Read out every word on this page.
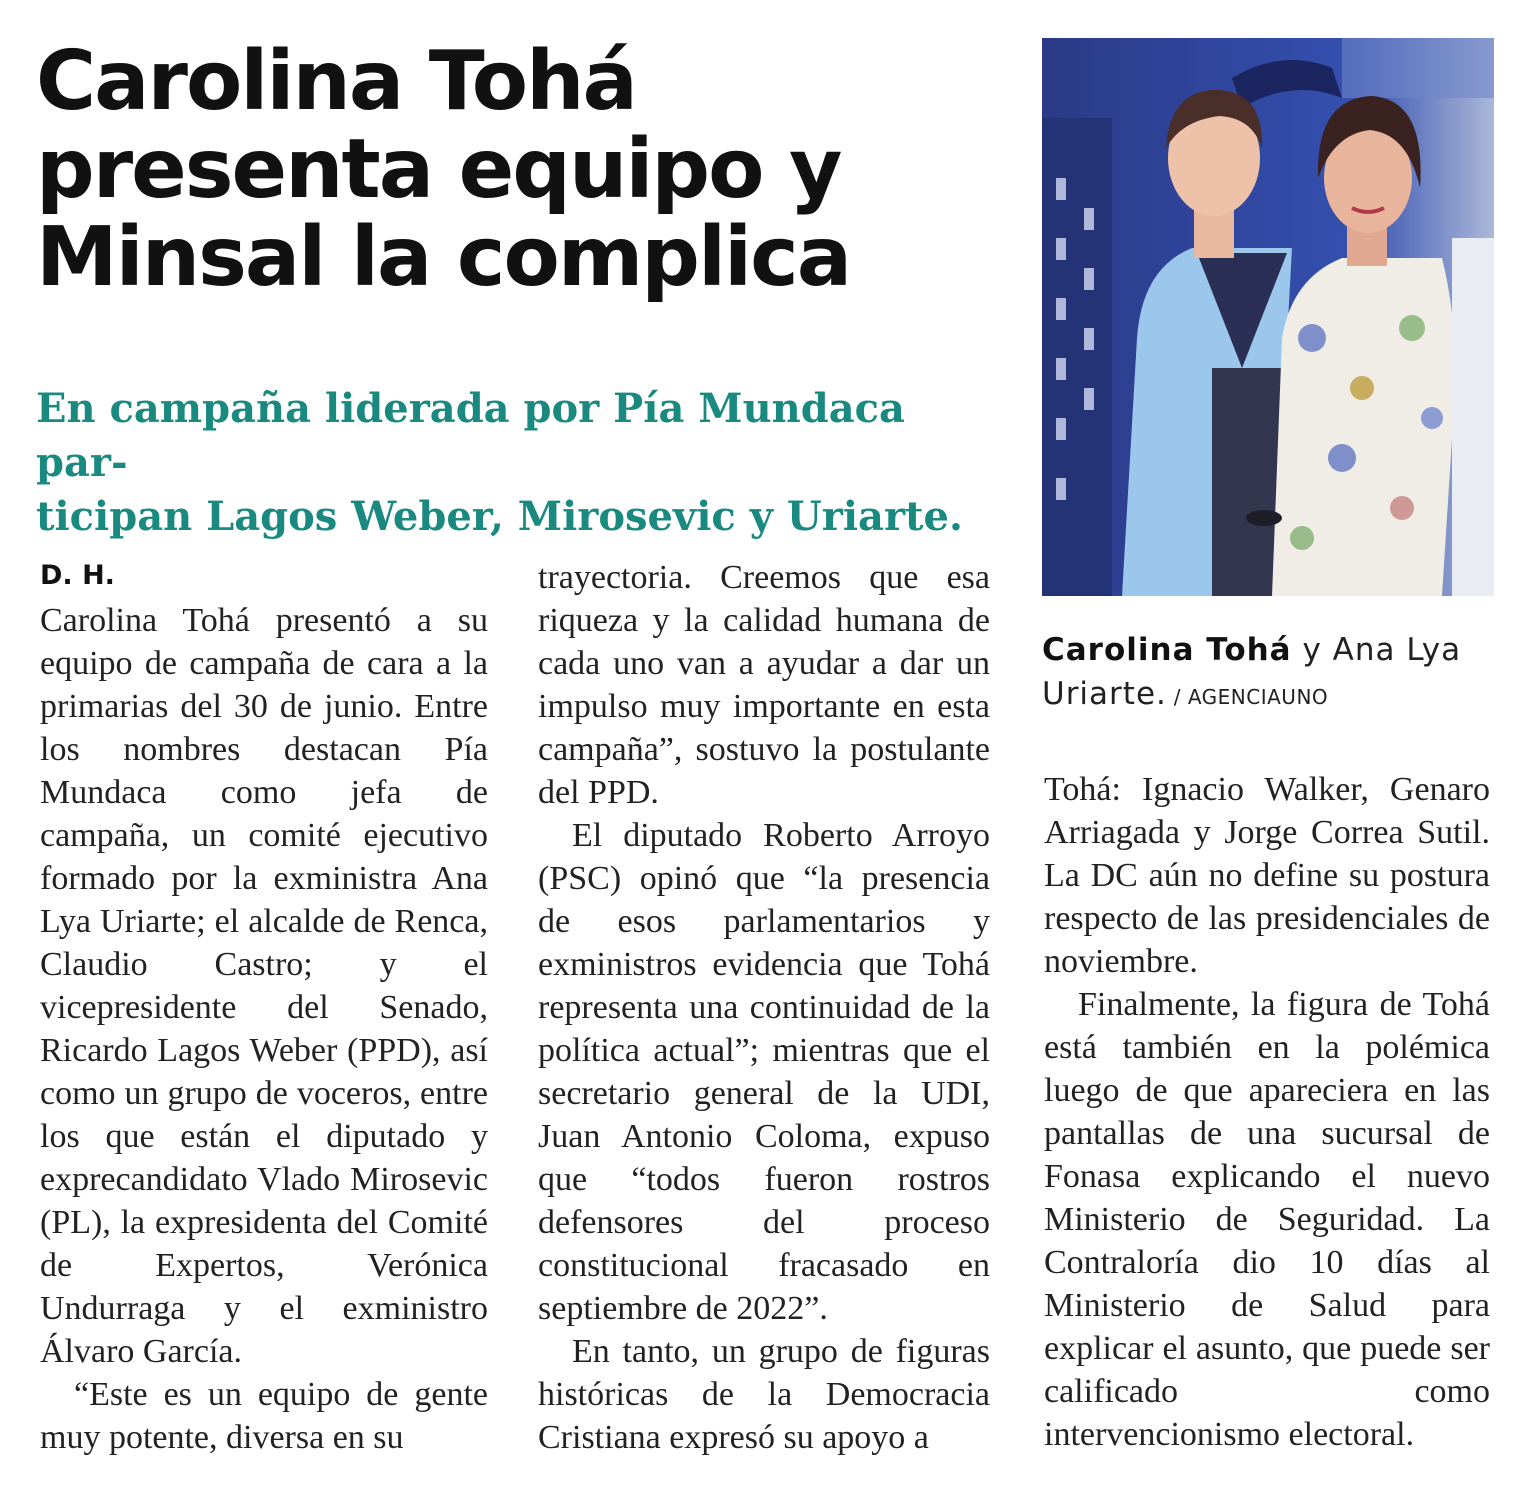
Carolina Tohá
presenta equipo y
Minsal la complica
En campaña liderada por Pía Mundaca par-
ticipan Lagos Weber, Mirosevic y Uriarte.
D. H.

Carolina Tohá presentó a su equipo de campaña de cara a la primarias del 30 de junio. Entre los nombres destacan Pía Mundaca como jefa de campaña, un comité ejecutivo formado por la exministra Ana Lya Uriarte; el alcalde de Renca, Claudio Castro; y el vicepresidente del Senado, Ricardo Lagos Weber (PPD), así como un grupo de voceros, entre los que están el diputado y exprecandidato Vlado Mirosevic (PL), la expresidenta del Comité de Expertos, Verónica Undurraga y el exministro Álvaro García.

“Este es un equipo de gente muy potente, diversa en su

trayectoria. Creemos que esa riqueza y la calidad humana de cada uno van a ayudar a dar un impulso muy importante en esta campaña”, sostuvo la postulante del PPD.

El diputado Roberto Arroyo (PSC) opinó que “la presencia de esos parlamentarios y exministros evidencia que Tohá representa una continuidad de la política actual”; mientras que el secretario general de la UDI, Juan Antonio Coloma, expuso que “todos fueron rostros defensores del proceso constitucional fracasado en septiembre de 2022”.

En tanto, un grupo de figuras históricas de la Democracia Cristiana expresó su apoyo a

Carolina Tohá y Ana Lya Uriarte. / AGENCIAUNO

Tohá: Ignacio Walker, Genaro Arriagada y Jorge Correa Sutil. La DC aún no define su postura respecto de las presidenciales de noviembre.

Finalmente, la figura de Tohá está también en la polémica luego de que apareciera en las pantallas de una sucursal de Fonasa explicando el nuevo Ministerio de Seguridad. La Contraloría dio 10 días al Ministerio de Salud para explicar el asunto, que puede ser calificado como intervencionismo electoral.
